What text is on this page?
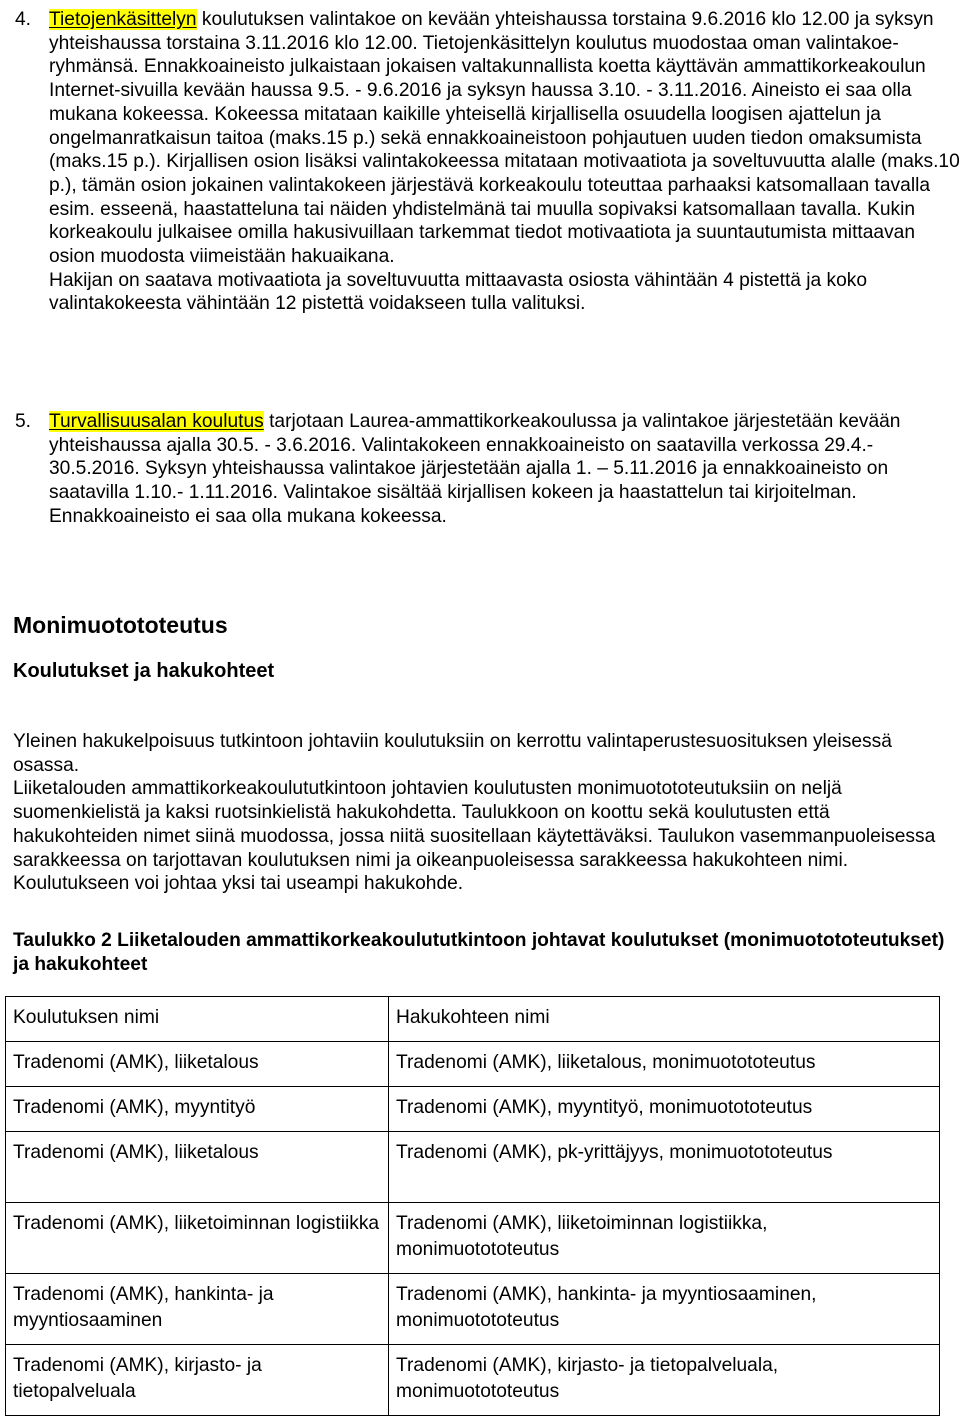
4. Tietojenkäsittelyn koulutuksen valintakoe on kevään yhteishaussa torstaina 9.6.2016 klo 12.00 ja syksyn yhteishaussa torstaina 3.11.2016 klo 12.00. Tietojenkäsittelyn koulutus muodostaa oman valintakoe-ryhmänsä. Ennakkoaineisto julkaistaan jokaisen valtakunnallista koetta käyttävän ammattikorkeakoulun Internet-sivuilla kevään haussa 9.5. - 9.6.2016 ja syksyn haussa 3.10. - 3.11.2016. Aineisto ei saa olla mukana kokeessa. Kokeessa mitataan kaikille yhteisellä kirjallisella osuudella loogisen ajattelun ja ongelmanratkaisun taitoa (maks.15 p.) sekä ennakkoaineistoon pohjautuen uuden tiedon omaksumista (maks.15 p.). Kirjallisen osion lisäksi valintakokeessa mitataan motivaatiota ja soveltuvuutta alalle (maks.10 p.), tämän osion jokainen valintakokeen järjestävä korkeakoulu toteuttaa parhaaksi katsomallaan tavalla esim. esseenä, haastatteluna tai näiden yhdistelmänä tai muulla sopivaksi katsomallaan tavalla. Kukin korkeakoulu julkaisee omilla hakusivuillaan tarkemmat tiedot motivaatiota ja suuntautumista mittaavan osion muodosta viimeistään hakuaikana.

Hakijan on saatava motivaatiota ja soveltuvuutta mittaavasta osiosta vähintään 4 pistettä ja koko valintakokeesta vähintään 12 pistettä voidakseen tulla valituksi.

5. Turvallisuusalan koulutus tarjotaan Laurea-ammattikorkeakoulussa ja valintakoe järjestetään kevään yhteishaussa ajalla 30.5. - 3.6.2016. Valintakokeen ennakkoaineisto on saatavilla verkossa 29.4.- 30.5.2016. Syksyn yhteishaussa valintakoe järjestetään ajalla 1. – 5.11.2016 ja ennakkoaineisto on saatavilla 1.10.- 1.11.2016. Valintakoe sisältää kirjallisen kokeen ja haastattelun tai kirjoitelman. Ennakkoaineisto ei saa olla mukana kokeessa.

Monimuotototeutus
Koulutukset ja hakukohteet

Yleinen hakukelpoisuus tutkintoon johtaviin koulutuksiin on kerrottu valintaperustesuosituksen yleisessä osassa.

Liiketalouden ammattikorkeakoulututkintoon johtavien koulutusten monimuotototeutuksiin on neljä suomenkielistä ja kaksi ruotsinkielistä hakukohdetta. Taulukkoon on koottu sekä koulutusten että hakukohteiden nimet siinä muodossa, jossa niitä suositellaan käytettäväksi. Taulukon vasemmanpuoleisessa sarakkeessa on tarjottavan koulutuksen nimi ja oikeanpuoleisessa sarakkeessa hakukohteen nimi. Koulutukseen voi johtaa yksi tai useampi hakukohde.

Taulukko 2 Liiketalouden ammattikorkeakoulututkintoon johtavat koulutukset (monimuotototeutukset) ja hakukohteet

Koulutuksen nimi	Hakukohteen nimi
Tradenomi (AMK), liiketalous	Tradenomi (AMK), liiketalous, monimuotototeutus
Tradenomi (AMK), myyntityö	Tradenomi (AMK), myyntityö, monimuotototeutus
Tradenomi (AMK), liiketalous	Tradenomi (AMK), pk-yrittäjyys, monimuotototeutus
Tradenomi (AMK), liiketoiminnan logistiikka	Tradenomi (AMK), liiketoiminnan logistiikka, monimuotototeutus
Tradenomi (AMK), hankinta- ja myyntiosaaminen	Tradenomi (AMK), hankinta- ja myyntiosaaminen, monimuotototeutus
Tradenomi (AMK), kirjasto- ja tietopalveluala	Tradenomi (AMK), kirjasto- ja tietopalveluala, monimuotototeutus
